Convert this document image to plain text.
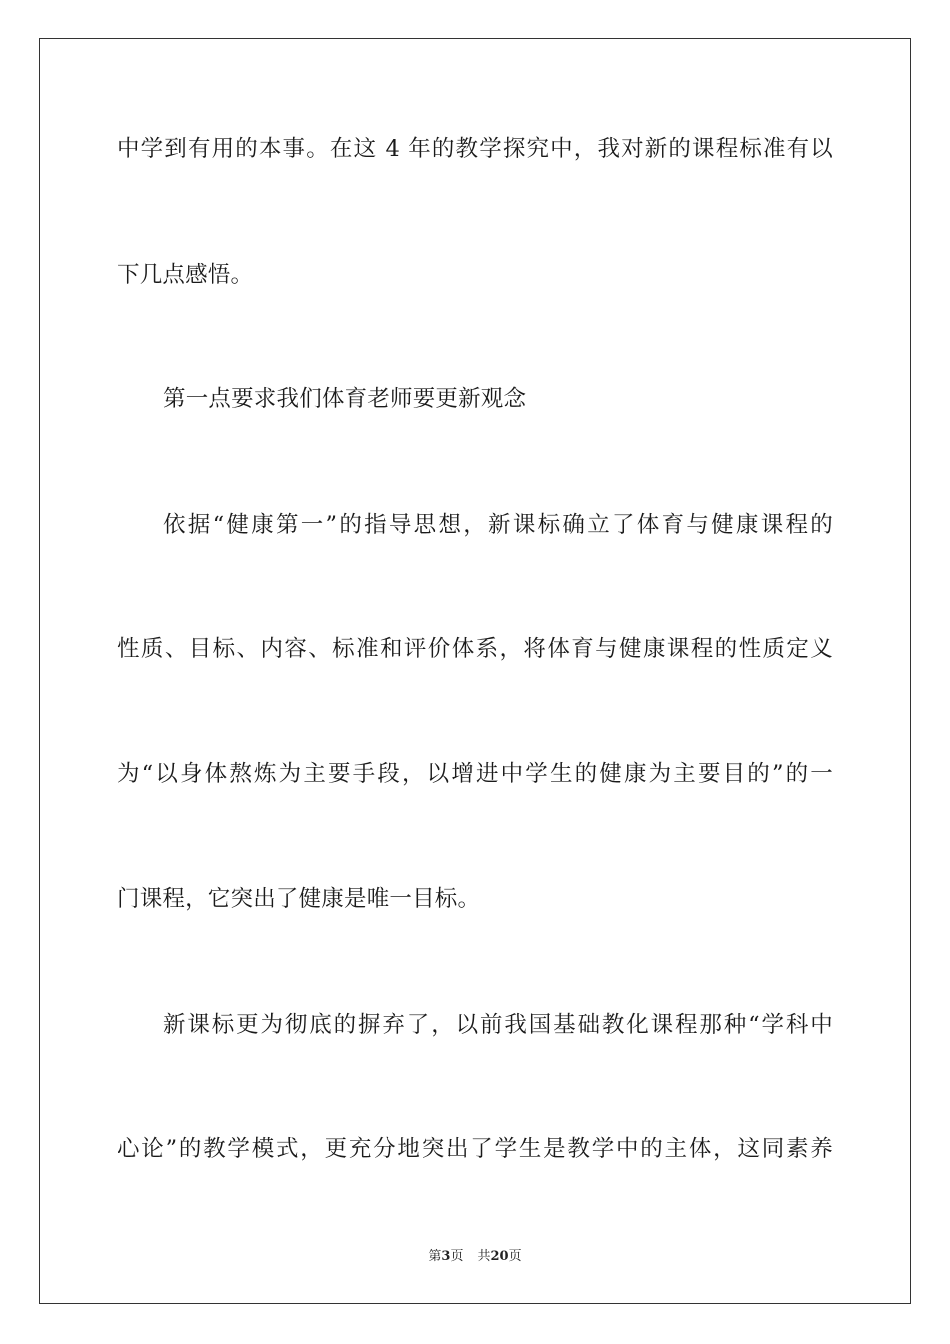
中学到有用的本事。在这 4 年的教学探究中，我对新的课程标准有以
下几点感悟。
第一点要求我们体育老师要更新观念
依据“健康第一”的指导思想，新课标确立了体育与健康课程的
性质、目标、内容、标准和评价体系，将体育与健康课程的性质定义
为“以身体熬炼为主要手段，以增进中学生的健康为主要目的”的一
门课程，它突出了健康是唯一目标。
新课标更为彻底的摒弃了，以前我国基础教化课程那种“学科中
心论”的教学模式，更充分地突出了学生是教学中的主体，这同素养
第3页 共20页
